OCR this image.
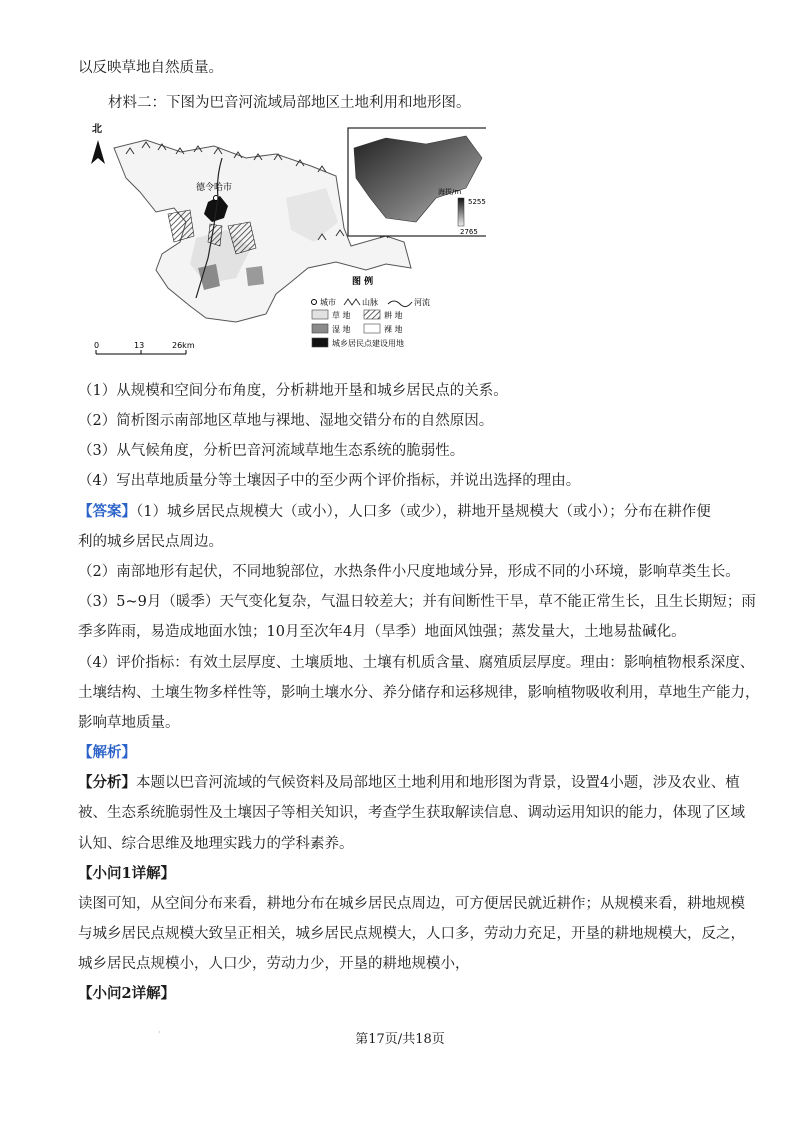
以反映草地自然质量。
材料二：下图为巴音河流域局部地区土地利用和地形图。
北
德令哈市	海拔/m
5255
2765
图 例
城市	山脉	河流
草 地	耕 地
湿 地	裸 地
城乡居民点建设用地
0	13	26km
（1）从规模和空间分布角度，分析耕地开垦和城乡居民点的关系。
（2）简析图示南部地区草地与裸地、湿地交错分布的自然原因。
（3）从气候角度，分析巴音河流域草地生态系统的脆弱性。
（4）写出草地质量分等土壤因子中的至少两个评价指标，并说出选择的理由。
【答案】（1）城乡居民点规模大（或小），人口多（或少），耕地开垦规模大（或小）；分布在耕作便
利的城乡居民点周边。
（2）南部地形有起伏，不同地貌部位，水热条件小尺度地域分异，形成不同的小环境，影响草类生长。
（3）5~9月（暖季）天气变化复杂，气温日较差大；并有间断性干旱，草不能正常生长，且生长期短；雨
季多阵雨，易造成地面水蚀；10月至次年4月（旱季）地面风蚀强；蒸发量大，土地易盐碱化。
（4）评价指标：有效土层厚度、土壤质地、土壤有机质含量、腐殖质层厚度。理由：影响植物根系深度、
土壤结构、土壤生物多样性等，影响土壤水分、养分储存和运移规律，影响植物吸收利用，草地生产能力，
影响草地质量。
【解析】
【分析】本题以巴音河流域的气候资料及局部地区土地利用和地形图为背景，设置4小题，涉及农业、植
被、生态系统脆弱性及土壤因子等相关知识，考查学生获取解读信息、调动运用知识的能力，体现了区域
认知、综合思维及地理实践力的学科素养。
【小问1详解】
读图可知，从空间分布来看，耕地分布在城乡居民点周边，可方便居民就近耕作；从规模来看，耕地规模
与城乡居民点规模大致呈正相关，城乡居民点规模大，人口多，劳动力充足，开垦的耕地规模大，反之，
城乡居民点规模小，人口少，劳动力少，开垦的耕地规模小，
【小问2详解】
·	第17页/共18页
